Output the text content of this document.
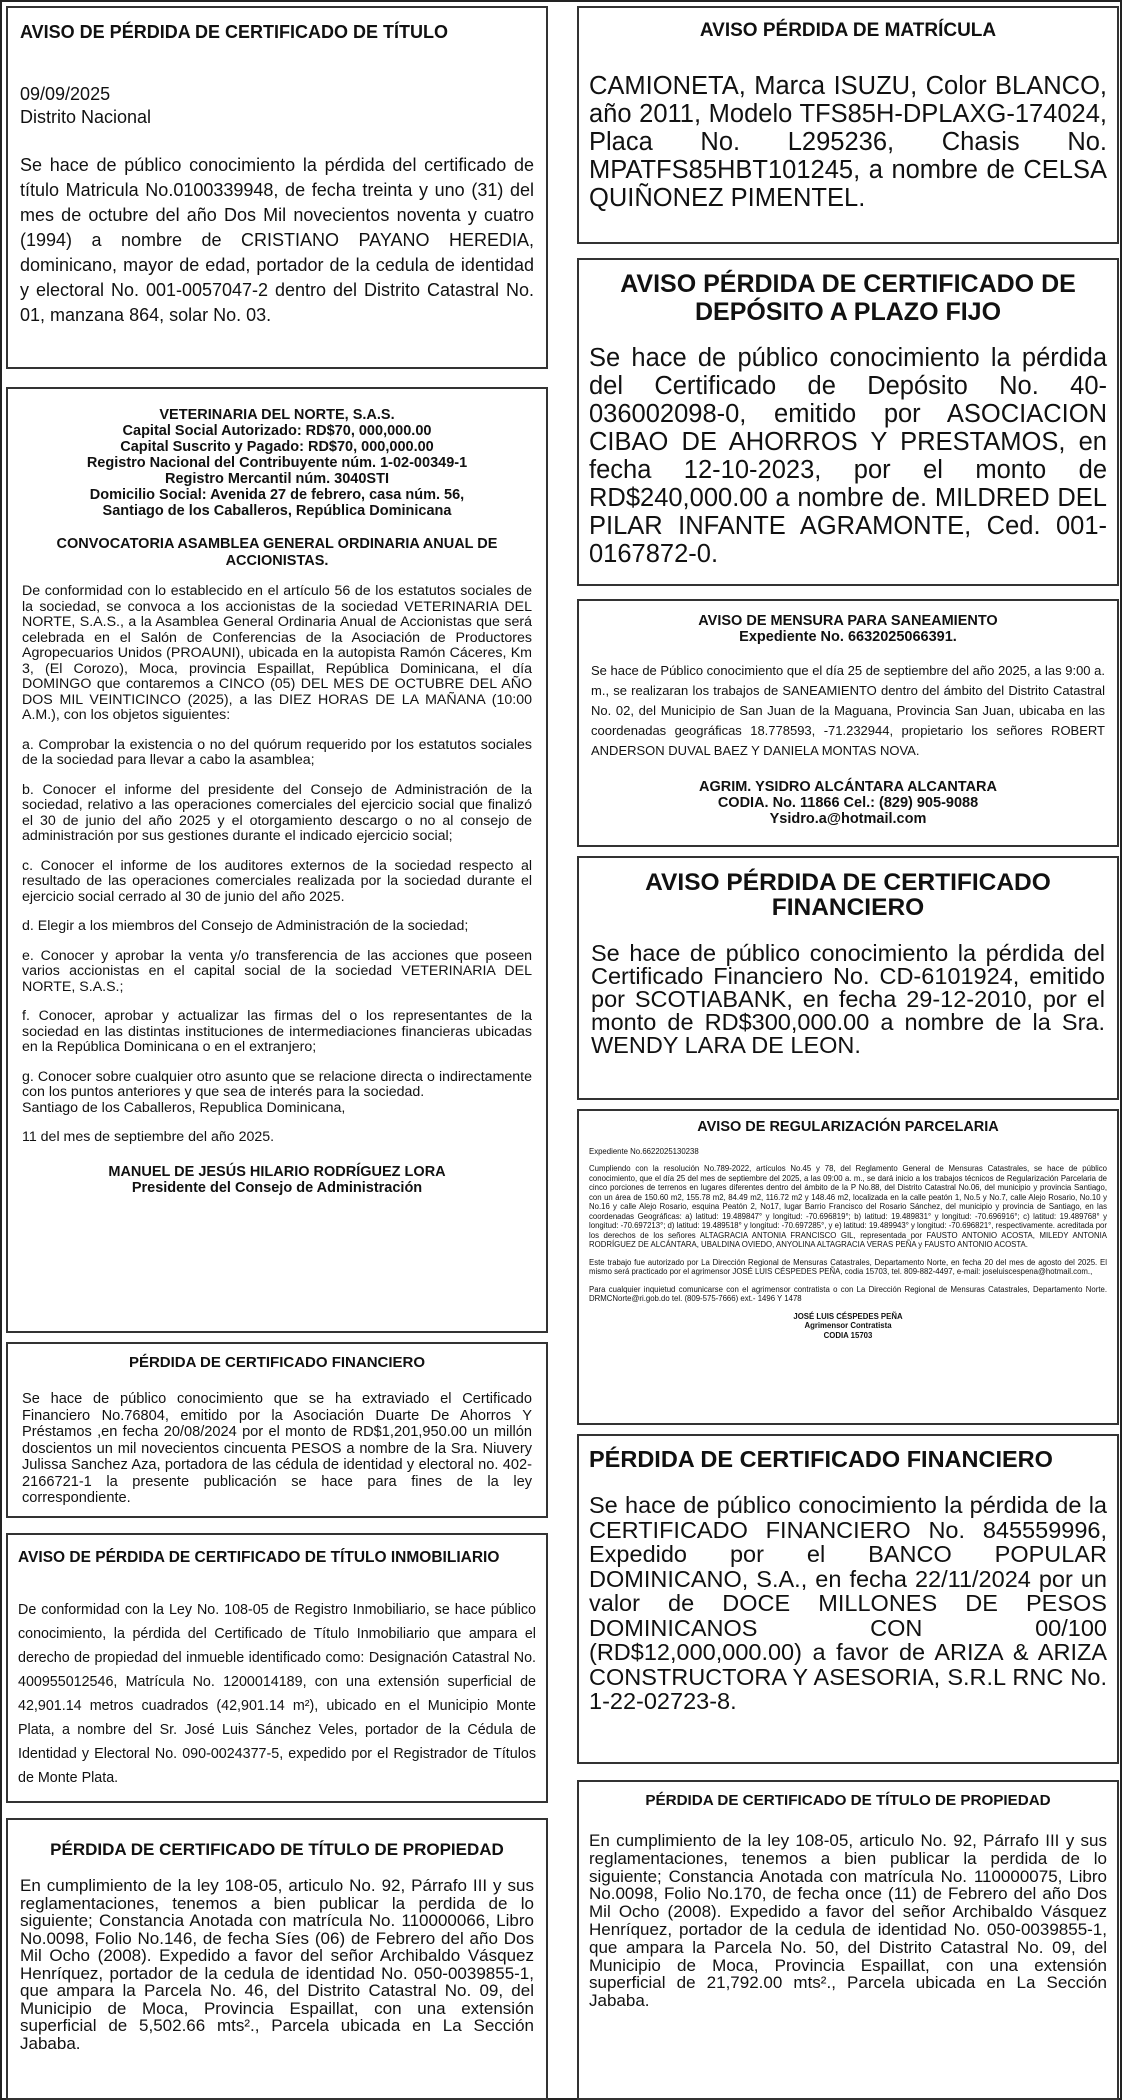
AVISO DE PÉRDIDA DE CERTIFICADO DE TÍTULO
09/09/2025
Distrito Nacional

Se hace de público conocimiento la pérdida del certificado de título Matricula No.0100339948, de fecha treinta y uno (31) del mes de octubre del año Dos Mil novecientos noventa y cuatro (1994) a nombre de CRISTIANO PAYANO HEREDIA, dominicano, mayor de edad, portador de la cedula de identidad y electoral No. 001-0057047-2 dentro del Distrito Catastral No. 01, manzana 864, solar No. 03.

VETERINARIA DEL NORTE, S.A.S.
Capital Social Autorizado: RD$70, 000,000.00
Capital Suscrito y Pagado: RD$70, 000,000.00
Registro Nacional del Contribuyente núm. 1-02-00349-1
Registro Mercantil núm. 3040STI
Domicilio Social: Avenida 27 de febrero, casa núm. 56,
Santiago de los Caballeros, República Dominicana
CONVOCATORIA ASAMBLEA GENERAL ORDINARIA ANUAL DE ACCIONISTAS.

De conformidad con lo establecido en el artículo 56 de los estatutos sociales de la sociedad, se convoca a los accionistas de la sociedad VETERINARIA DEL NORTE, S.A.S., a la Asamblea General Ordinaria Anual de Accionistas que será celebrada en el Salón de Conferencias de la Asociación de Productores Agropecuarios Unidos (PROAUNI), ubicada en la autopista Ramón Cáceres, Km 3, (El Corozo), Moca, provincia Espaillat, República Dominicana, el día DOMINGO que contaremos a CINCO (05) DEL MES DE OCTUBRE DEL AÑO DOS MIL VEINTICINCO (2025), a las DIEZ HORAS DE LA MAÑANA (10:00 A.M.), con los objetos siguientes:

a. Comprobar la existencia o no del quórum requerido por los estatutos sociales de la sociedad para llevar a cabo la asamblea;

b. Conocer el informe del presidente del Consejo de Administración de la sociedad, relativo a las operaciones comerciales del ejercicio social que finalizó el 30 de junio del año 2025 y el otorgamiento descargo o no al consejo de administración por sus gestiones durante el indicado ejercicio social;

c. Conocer el informe de los auditores externos de la sociedad respecto al resultado de las operaciones comerciales realizada por la sociedad durante el ejercicio social cerrado al 30 de junio del año 2025.

d. Elegir a los miembros del Consejo de Administración de la sociedad;

e. Conocer y aprobar la venta y/o transferencia de las acciones que poseen varios accionistas en el capital social de la sociedad VETERINARIA DEL NORTE, S.A.S.;

f. Conocer, aprobar y actualizar las firmas del o los representantes de la sociedad en las distintas instituciones de intermediaciones financieras ubicadas en la República Dominicana o en el extranjero;

g. Conocer sobre cualquier otro asunto que se relacione directa o indirectamente con los puntos anteriores y que sea de interés para la sociedad.

Santiago de los Caballeros, Republica Dominicana,

11 del mes de septiembre del año 2025.

MANUEL DE JESÚS HILARIO RODRÍGUEZ LORA
Presidente del Consejo de Administración
PÉRDIDA DE CERTIFICADO FINANCIERO

Se hace de público conocimiento que se ha extraviado el Certificado Financiero No.76804, emitido por la Asociación Duarte De Ahorros Y Préstamos ,en fecha 20/08/2024 por el monto de RD$1,201,950.00 un millón doscientos un mil novecientos cincuenta PESOS a nombre de la Sra. Niuvery Julissa Sanchez Aza, portadora de las cédula de identidad y electoral no. 402-2166721-1 la presente publicación se hace para fines de la ley correspondiente.

AVISO DE PÉRDIDA DE CERTIFICADO DE TÍTULO INMOBILIARIO

De conformidad con la Ley No. 108-05 de Registro Inmobiliario, se hace público conocimiento, la pérdida del Certificado de Título Inmobiliario que ampara el derecho de propiedad del inmueble identificado como: Designación Catastral No. 400955012546, Matrícula No. 1200014189, con una extensión superficial de 42,901.14 metros cuadrados (42,901.14 m²), ubicado en el Municipio Monte Plata, a nombre del Sr. José Luis Sánchez Veles, portador de la Cédula de Identidad y Electoral No. 090-0024377-5, expedido por el Registrador de Títulos de Monte Plata.

PÉRDIDA DE CERTIFICADO DE TÍTULO DE PROPIEDAD

En cumplimiento de la ley 108-05, articulo No. 92, Párrafo III y sus reglamentaciones, tenemos a bien publicar la perdida de lo siguiente; Constancia Anotada con matrícula No. 110000066, Libro No.0098, Folio No.146, de fecha Síes (06) de Febrero del año Dos Mil Ocho (2008). Expedido a favor del señor Archibaldo Vásquez Henríquez, portador de la cedula de identidad No. 050-0039855-1, que ampara la Parcela No. 46, del Distrito Catastral No. 09, del Municipio de Moca, Provincia Espaillat, con una extensión superficial de 5,502.66 mts²., Parcela ubicada en La Sección Jababa.

AVISO PÉRDIDA DE MATRÍCULA

CAMIONETA, Marca ISUZU, Color BLANCO, año 2011, Modelo TFS85H-DPLAXG-174024, Placa No. L295236, Chasis No. MPATFS85HBT101245, a nombre de CELSA QUIÑONEZ PIMENTEL.

AVISO PÉRDIDA DE CERTIFICADO DE DEPÓSITO A PLAZO FIJO

Se hace de público conocimiento la pérdida del Certificado de Depósito No. 40-036002098-0, emitido por ASOCIACION CIBAO DE AHORROS Y PRESTAMOS, en fecha 12-10-2023, por el monto de RD$240,000.00 a nombre de. MILDRED DEL PILAR INFANTE AGRAMONTE, Ced. 001-0167872-0.

AVISO DE MENSURA PARA SANEAMIENTO
Expediente No. 6632025066391.

Se hace de Público conocimiento que el día 25 de septiembre del año 2025, a las 9:00 a. m., se realizaran los trabajos de SANEAMIENTO dentro del ámbito del Distrito Catastral No. 02, del Municipio de San Juan de la Maguana, Provincia San Juan, ubicaba en las coordenadas geográficas 18.778593, -71.232944, propietario los señores ROBERT ANDERSON DUVAL BAEZ Y DANIELA MONTAS NOVA.

AGRIM. YSIDRO ALCÁNTARA ALCANTARA
CODIA. No. 11866 Cel.: (829) 905-9088
Ysidro.a@hotmail.com
AVISO PÉRDIDA DE CERTIFICADO FINANCIERO

Se hace de público conocimiento la pérdida del Certificado Financiero No. CD-6101924, emitido por SCOTIABANK, en fecha 29-12-2010, por el monto de RD$300,000.00 a nombre de la Sra. WENDY LARA DE LEON.

AVISO DE REGULARIZACIÓN PARCELARIA
Expediente No.6622025130238

Cumpliendo con la resolución No.789-2022, artículos No.45 y 78, del Reglamento General de Mensuras Catastrales, se hace de público conocimiento, que el día 25 del mes de septiembre del 2025, a las 09:00 a. m., se dará inicio a los trabajos técnicos de Regularización Parcelaria de cinco porciones de terrenos en lugares diferentes dentro del ámbito de la P No.88, del Distrito Catastral No.06, del municipio y provincia Santiago, con un área de 150.60 m2, 155.78 m2, 84.49 m2, 116.72 m2 y 148.46 m2, localizada en la calle peatón 1, No.5 y No.7, calle Alejo Rosario, No.10 y No.16 y calle Alejo Rosario, esquina Peatón 2, No17, lugar Barrio Francisco del Rosario Sánchez, del municipio y provincia de Santiago, en las coordenadas Geográficas: a) latitud: 19.489847° y longitud: -70.696819°; b) latitud: 19.489831° y longitud: -70.696916°; c) latitud: 19.489768° y longitud: -70.697213°; d) latitud: 19.489518° y longitud: -70.697285°, y e) latitud: 19.489943° y longitud: -70.696821°, respectivamente. acreditada por los derechos de los señores ALTAGRACIA ANTONIA FRANCISCO GIL, representada por FAUSTO ANTONIO ACOSTA, MILEDY ANTONIA RODRÍGUEZ DE ALCÁNTARA, UBALDINA OVIEDO, ANYOLINA ALTAGRACIA VERAS PEÑA y FAUSTO ANTONIO ACOSTA.

Este trabajo fue autorizado por La Dirección Regional de Mensuras Catastrales, Departamento Norte, en fecha 20 del mes de agosto del 2025. El mismo será practicado por el agrimensor JOSÉ LUIS CÉSPEDES PEÑA, codia 15703, tel. 809-882-4497, e-mail: joseluiscespena@hotmail.com.,

Para cualquier inquietud comunicarse con el agrimensor contratista o con La Dirección Regional de Mensuras Catastrales, Departamento Norte. DRMCNorte@ri.gob.do tel. (809-575-7666) ext.- 1496 Y 1478

JOSÉ LUIS CÉSPEDES PEÑA
Agrimensor Contratista
CODIA 15703
PÉRDIDA DE CERTIFICADO FINANCIERO

Se hace de público conocimiento la pérdida de la CERTIFICADO FINANCIERO No. 845559996, Expedido por el BANCO POPULAR DOMINICANO, S.A., en fecha 22/11/2024 por un valor de DOCE MILLONES DE PESOS DOMINICANOS CON 00/100 (RD$12,000,000.00) a favor de ARIZA & ARIZA CONSTRUCTORA Y ASESORIA, S.R.L RNC No. 1-22-02723-8.

PÉRDIDA DE CERTIFICADO DE TÍTULO DE PROPIEDAD

En cumplimiento de la ley 108-05, articulo No. 92, Párrafo III y sus reglamentaciones, tenemos a bien publicar la perdida de lo siguiente; Constancia Anotada con matrícula No. 110000075, Libro No.0098, Folio No.170, de fecha once (11) de Febrero del año Dos Mil Ocho (2008). Expedido a favor del señor Archibaldo Vásquez Henríquez, portador de la cedula de identidad No. 050-0039855-1, que ampara la Parcela No. 50, del Distrito Catastral No. 09, del Municipio de Moca, Provincia Espaillat, con una extensión superficial de 21,792.00 mts²., Parcela ubicada en La Sección Jababa.
